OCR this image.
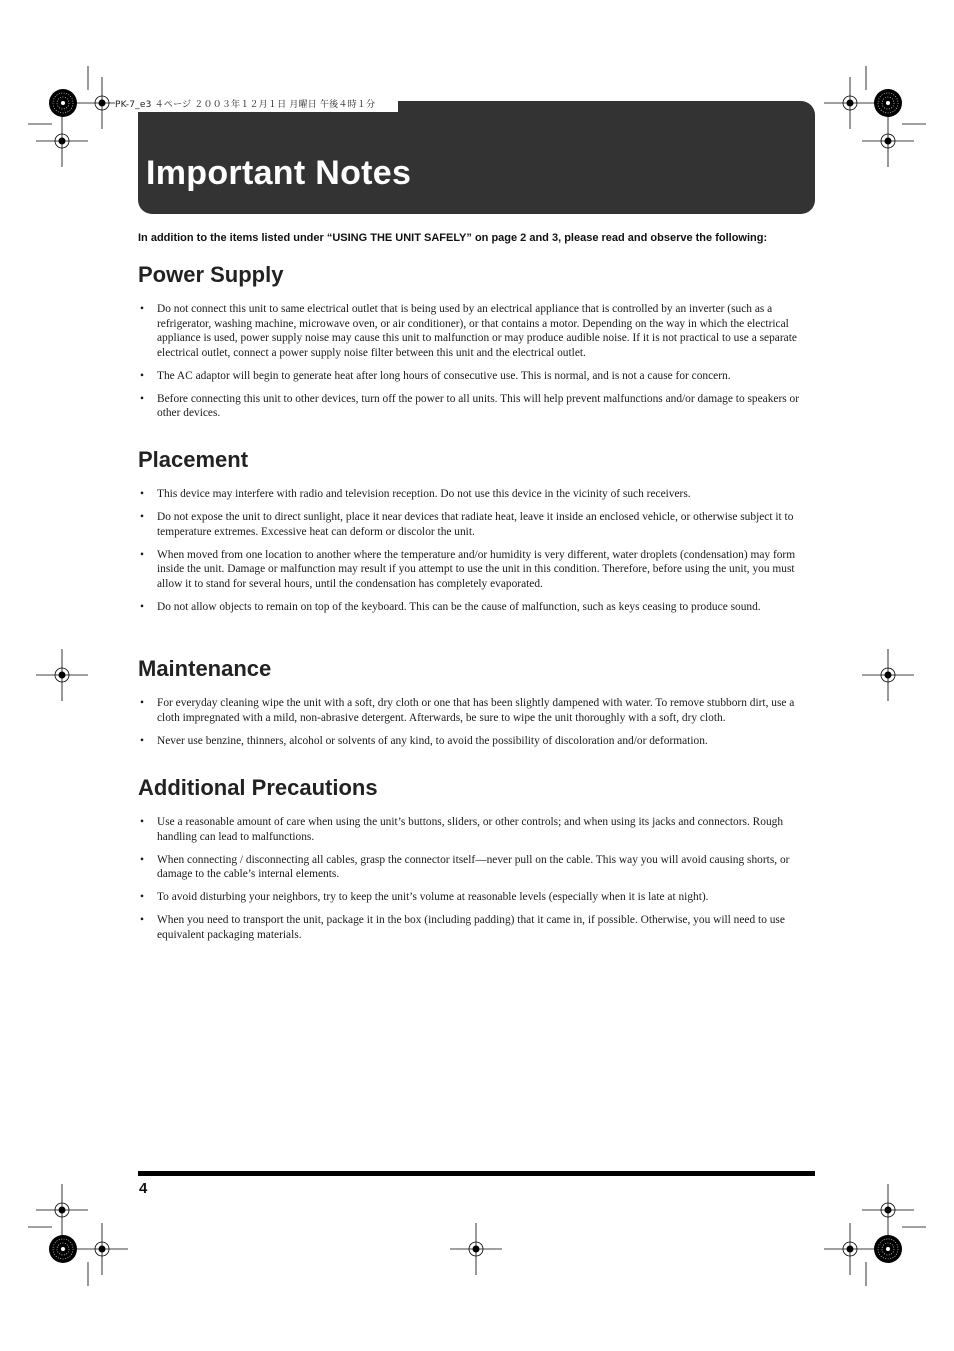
PK-7_e3 ４ページ ２００３年１２月１日 月曜日 午後４時１分
Important Notes
In addition to the items listed under “USING THE UNIT SAFELY” on page 2 and 3, please read and observe the following:
Power Supply
• Do not connect this unit to same electrical outlet that is being used by an electrical appliance that is controlled by an inverter (such as a refrigerator, washing machine, microwave oven, or air conditioner), or that contains a motor. Depending on the way in which the electrical appliance is used, power supply noise may cause this unit to malfunction or may produce audible noise. If it is not practical to use a separate electrical outlet, connect a power supply noise filter between this unit and the electrical outlet.
• The AC adaptor will begin to generate heat after long hours of consecutive use. This is normal, and is not a cause for concern.
• Before connecting this unit to other devices, turn off the power to all units. This will help prevent malfunctions and/or damage to speakers or other devices.
Placement
• This device may interfere with radio and television reception. Do not use this device in the vicinity of such receivers.
• Do not expose the unit to direct sunlight, place it near devices that radiate heat, leave it inside an enclosed vehicle, or otherwise subject it to temperature extremes. Excessive heat can deform or discolor the unit.
• When moved from one location to another where the temperature and/or humidity is very different, water droplets (condensation) may form inside the unit. Damage or malfunction may result if you attempt to use the unit in this condition. Therefore, before using the unit, you must allow it to stand for several hours, until the condensation has completely evaporated.
• Do not allow objects to remain on top of the keyboard. This can be the cause of malfunction, such as keys ceasing to produce sound.
Maintenance
• For everyday cleaning wipe the unit with a soft, dry cloth or one that has been slightly dampened with water. To remove stubborn dirt, use a cloth impregnated with a mild, non-abrasive detergent. Afterwards, be sure to wipe the unit thoroughly with a soft, dry cloth.
• Never use benzine, thinners, alcohol or solvents of any kind, to avoid the possibility of discoloration and/or deformation.
Additional Precautions
• Use a reasonable amount of care when using the unit’s buttons, sliders, or other controls; and when using its jacks and connectors. Rough handling can lead to malfunctions.
• When connecting / disconnecting all cables, grasp the connector itself—never pull on the cable. This way you will avoid causing shorts, or damage to the cable’s internal elements.
• To avoid disturbing your neighbors, try to keep the unit’s volume at reasonable levels (especially when it is late at night).
• When you need to transport the unit, package it in the box (including padding) that it came in, if possible. Otherwise, you will need to use equivalent packaging materials.
4
